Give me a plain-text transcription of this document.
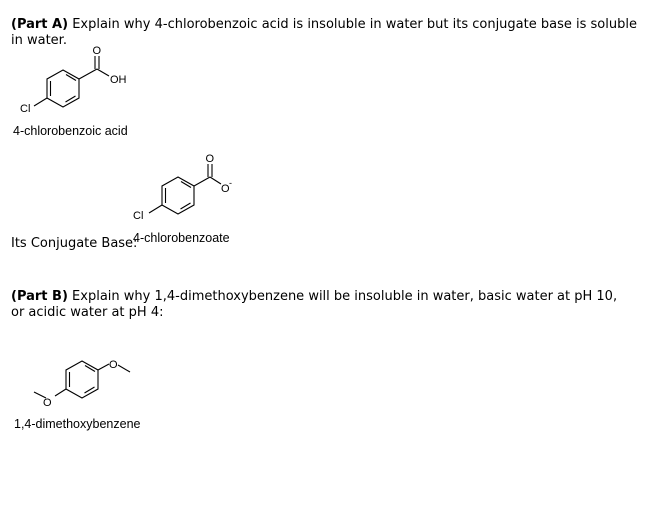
(Part A) Explain why 4-chlorobenzoic acid is insoluble in water but its conjugate base is soluble in water.
O
OH
Cl
4-chlorobenzoic acid
O
O -
Cl
Its Conjugate Base:
4-chlorobenzoate
(Part B) Explain why 1,4-dimethoxybenzene will be insoluble in water, basic water at pH 10, or acidic water at pH 4:
O
O
1,4-dimethoxybenzene
